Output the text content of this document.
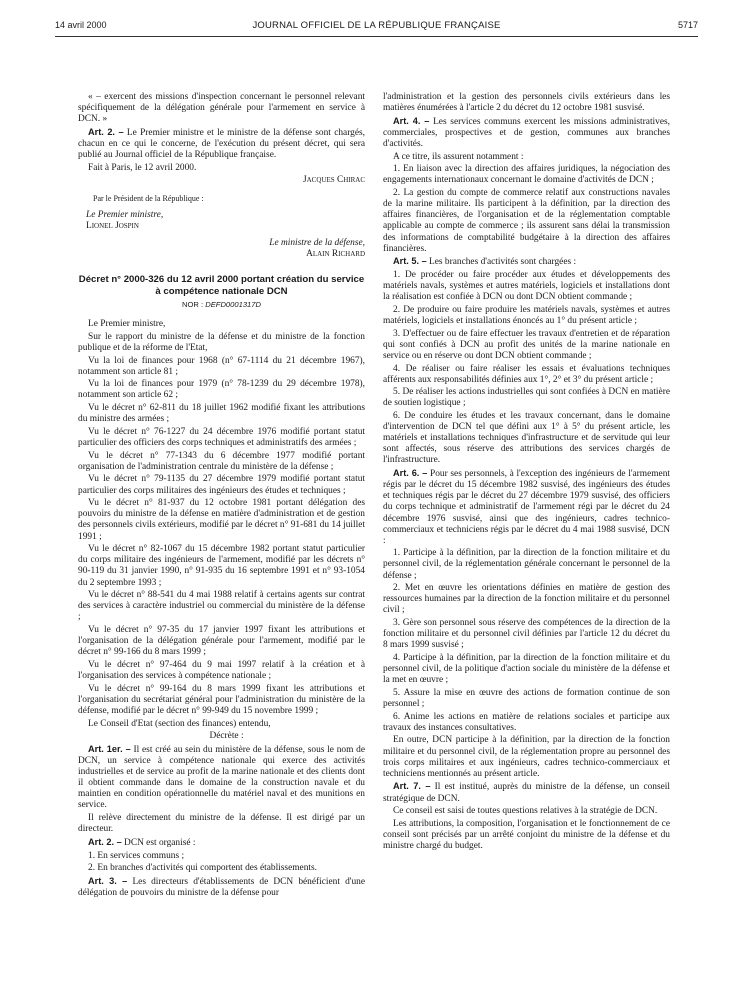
14 avril 2000	JOURNAL OFFICIEL DE LA RÉPUBLIQUE FRANÇAISE	5717

« – exercent des missions d'inspection concernant le personnel relevant spécifiquement de la délégation générale pour l'armement en service à DCN. »

Art. 2. – Le Premier ministre et le ministre de la défense sont chargés, chacun en ce qui le concerne, de l'exécution du présent décret, qui sera publié au Journal officiel de la République française.

Fait à Paris, le 12 avril 2000.

Jacques Chirac
Par le Président de la République :
Le Premier ministre,
Lionel Jospin
Le ministre de la défense,
Alain Richard
Décret n° 2000-326 du 12 avril 2000 portant création du service à compétence nationale DCN
NOR : DEFD0001317D

Le Premier ministre,

Sur le rapport du ministre de la défense et du ministre de la fonction publique et de la réforme de l'Etat,

Vu la loi de finances pour 1968 (n° 67-1114 du 21 décembre 1967), notamment son article 81 ;

Vu la loi de finances pour 1979 (n° 78-1239 du 29 décembre 1978), notamment son article 62 ;

Vu le décret n° 62-811 du 18 juillet 1962 modifié fixant les attributions du ministre des armées ;

Vu le décret n° 76-1227 du 24 décembre 1976 modifié portant statut particulier des officiers des corps techniques et administratifs des armées ;

Vu le décret n° 77-1343 du 6 décembre 1977 modifié portant organisation de l'administration centrale du ministère de la défense ;

Vu le décret n° 79-1135 du 27 décembre 1979 modifié portant statut particulier des corps militaires des ingénieurs des études et techniques ;

Vu le décret n° 81-937 du 12 octobre 1981 portant délégation des pouvoirs du ministre de la défense en matière d'administration et de gestion des personnels civils extérieurs, modifié par le décret n° 91-681 du 14 juillet 1991 ;

Vu le décret n° 82-1067 du 15 décembre 1982 portant statut particulier du corps militaire des ingénieurs de l'armement, modifié par les décrets n° 90-119 du 31 janvier 1990, n° 91-935 du 16 septembre 1991 et n° 93-1054 du 2 septembre 1993 ;

Vu le décret n° 88-541 du 4 mai 1988 relatif à certains agents sur contrat des services à caractère industriel ou commercial du ministère de la défense ;

Vu le décret n° 97-35 du 17 janvier 1997 fixant les attributions et l'organisation de la délégation générale pour l'armement, modifié par le décret n° 99-166 du 8 mars 1999 ;

Vu le décret n° 97-464 du 9 mai 1997 relatif à la création et à l'organisation des services à compétence nationale ;

Vu le décret n° 99-164 du 8 mars 1999 fixant les attributions et l'organisation du secrétariat général pour l'administration du ministère de la défense, modifié par le décret n° 99-949 du 15 novembre 1999 ;

Le Conseil d'Etat (section des finances) entendu,

Décrète :

Art. 1er. – Il est créé au sein du ministère de la défense, sous le nom de DCN, un service à compétence nationale qui exerce des activités industrielles et de service au profit de la marine nationale et des clients dont il obtient commande dans le domaine de la construction navale et du maintien en condition opérationnelle du matériel naval et des munitions en service.

Il relève directement du ministre de la défense. Il est dirigé par un directeur.

Art. 2. – DCN est organisé :

1. En services communs ;

2. En branches d'activités qui comportent des établissements.

Art. 3. – Les directeurs d'établissements de DCN bénéficient d'une délégation de pouvoirs du ministre de la défense pour

l'administration et la gestion des personnels civils extérieurs dans les matières énumérées à l'article 2 du décret du 12 octobre 1981 susvisé.

Art. 4. – Les services communs exercent les missions administratives, commerciales, prospectives et de gestion, communes aux branches d'activités.

A ce titre, ils assurent notamment :

1. En liaison avec la direction des affaires juridiques, la négociation des engagements internationaux concernant le domaine d'activités de DCN ;

2. La gestion du compte de commerce relatif aux constructions navales de la marine militaire. Ils participent à la définition, par la direction des affaires financières, de l'organisation et de la réglementation comptable applicable au compte de commerce ; ils assurent sans délai la transmission des informations de comptabilité budgétaire à la direction des affaires financières.

Art. 5. – Les branches d'activités sont chargées :

1. De procéder ou faire procéder aux études et développements des matériels navals, systèmes et autres matériels, logiciels et installations dont la réalisation est confiée à DCN ou dont DCN obtient commande ;

2. De produire ou faire produire les matériels navals, systèmes et autres matériels, logiciels et installations énoncés au 1° du présent article ;

3. D'effectuer ou de faire effectuer les travaux d'entretien et de réparation qui sont confiés à DCN au profit des unités de la marine nationale en service ou en réserve ou dont DCN obtient commande ;

4. De réaliser ou faire réaliser les essais et évaluations techniques afférents aux responsabilités définies aux 1°, 2° et 3° du présent article ;

5. De réaliser les actions industrielles qui sont confiées à DCN en matière de soutien logistique ;

6. De conduire les études et les travaux concernant, dans le domaine d'intervention de DCN tel que défini aux 1° à 5° du présent article, les matériels et installations techniques d'infrastructure et de servitude qui leur sont affectés, sous réserve des attributions des services chargés de l'infrastructure.

Art. 6. – Pour ses personnels, à l'exception des ingénieurs de l'armement régis par le décret du 15 décembre 1982 susvisé, des ingénieurs des études et techniques régis par le décret du 27 décembre 1979 susvisé, des officiers du corps technique et administratif de l'armement régi par le décret du 24 décembre 1976 susvisé, ainsi que des ingénieurs, cadres technico-commerciaux et techniciens régis par le décret du 4 mai 1988 susvisé, DCN :

1. Participe à la définition, par la direction de la fonction militaire et du personnel civil, de la réglementation générale concernant le personnel de la défense ;

2. Met en œuvre les orientations définies en matière de gestion des ressources humaines par la direction de la fonction militaire et du personnel civil ;

3. Gère son personnel sous réserve des compétences de la direction de la fonction militaire et du personnel civil définies par l'article 12 du décret du 8 mars 1999 susvisé ;

4. Participe à la définition, par la direction de la fonction militaire et du personnel civil, de la politique d'action sociale du ministère de la défense et la met en œuvre ;

5. Assure la mise en œuvre des actions de formation continue de son personnel ;

6. Anime les actions en matière de relations sociales et participe aux travaux des instances consultatives.

En outre, DCN participe à la définition, par la direction de la fonction militaire et du personnel civil, de la réglementation propre au personnel des trois corps militaires et aux ingénieurs, cadres technico-commerciaux et techniciens mentionnés au présent article.

Art. 7. – Il est institué, auprès du ministre de la défense, un conseil stratégique de DCN.

Ce conseil est saisi de toutes questions relatives à la stratégie de DCN.

Les attributions, la composition, l'organisation et le fonctionnement de ce conseil sont précisés par un arrêté conjoint du ministre de la défense et du ministre chargé du budget.
